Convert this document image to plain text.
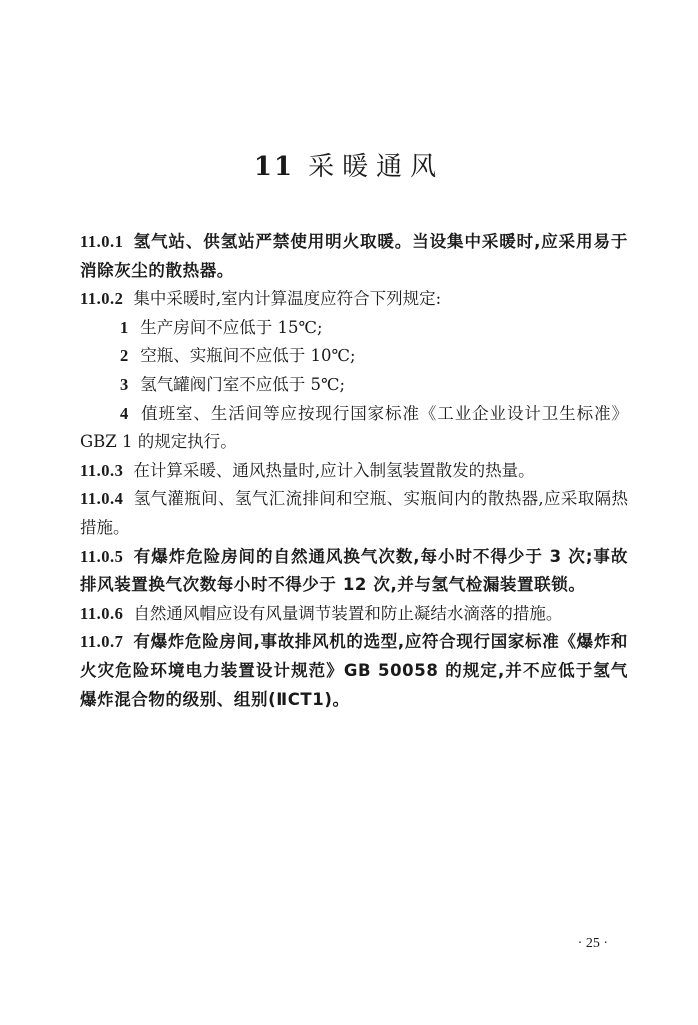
11 采暖通风

11.0.1 氢气站、供氢站严禁使用明火取暖。当设集中采暖时,应采用易于消除灰尘的散热器。

11.0.2 集中采暖时,室内计算温度应符合下列规定:

1 生产房间不应低于 15℃;

2 空瓶、实瓶间不应低于 10℃;

3 氢气罐阀门室不应低于 5℃;

4 值班室、生活间等应按现行国家标准《工业企业设计卫生标准》GBZ 1 的规定执行。

11.0.3 在计算采暖、通风热量时,应计入制氢装置散发的热量。

11.0.4 氢气灌瓶间、氢气汇流排间和空瓶、实瓶间内的散热器,应采取隔热措施。

11.0.5 有爆炸危险房间的自然通风换气次数,每小时不得少于 3 次;事故排风装置换气次数每小时不得少于 12 次,并与氢气检漏装置联锁。

11.0.6 自然通风帽应设有风量调节装置和防止凝结水滴落的措施。

11.0.7 有爆炸危险房间,事故排风机的选型,应符合现行国家标准《爆炸和火灾危险环境电力装置设计规范》GB 50058 的规定,并不应低于氢气爆炸混合物的级别、组别(ⅡCT1)。

· 25 ·
